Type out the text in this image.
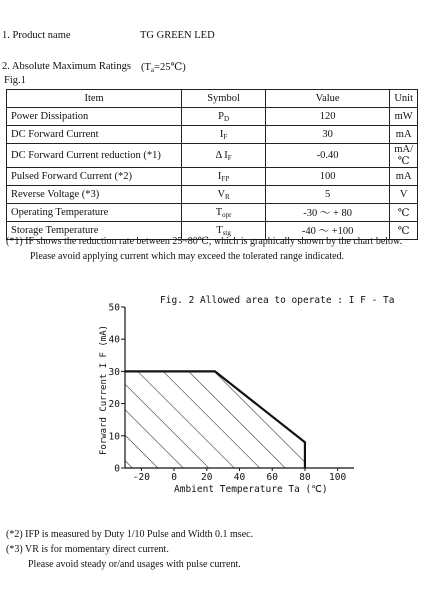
1. Product name	TG GREEN LED
2. Absolute Maximum Ratings $(T_a=25℃)$
Fig.1
Item	Symbol	Value	Unit
Power Dissipation	$P_D$	120	mW
DC Forward Current	$I_F$	30	mA
DC Forward Current reduction (*1)	Δ $I_F$	-0.40	mA/℃
Pulsed Forward Current (*2)	$I_{FP}$	100	mA
Reverse Voltage (*3)	$V_R$	5	V
Operating Temperature	$T_{opr}$	-30 ～ + 80	℃
Storage Temperature	$T_{stg}$	-40 ～ +100	℃
(*1) IF shows the reduction rate between 25~80℃, which is graphically shown by the chart below.
Please avoid applying current which may exceed the tolerated range indicated.
Fig. 2 Allowed area to operate : I F - Ta
0
10
20
30
40
50
-20 0	20 40 60 80 100
Ambient Temperature Ta (℃)
Forward Current I F (mA)
(*2) IFP is measured by Duty 1/10 Pulse and Width 0.1 msec.
(*3) VR is for momentary direct current.
Please avoid steady or/and usages with pulse current.
